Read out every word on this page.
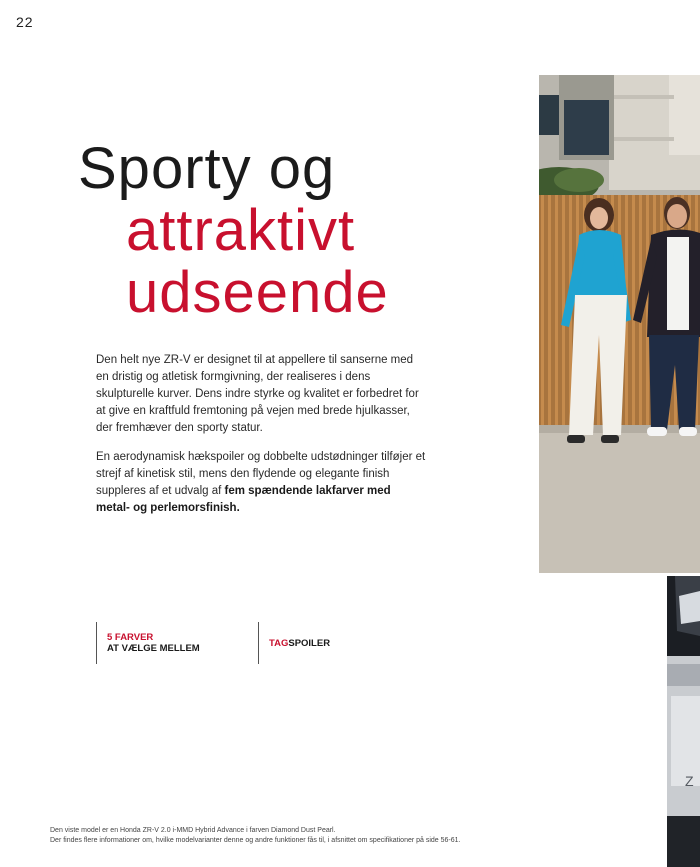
22
Sporty og
attraktivt
udseende

Den helt nye ZR-V er designet til at appellere til sanserne med en dristig og atletisk formgivning, der realiseres i dens skulpturelle kurver. Dens indre styrke og kvalitet er forbedret for at give en kraftfuld fremtoning på vejen med brede hjulkasser, der fremhæver den sporty statur.

En aerodynamisk hækspoiler og dobbelte udstødninger tilføjer et strejf af kinetisk stil, mens den flydende og elegante finish suppleres af et udvalg af fem spændende lakfarver med metal- og perlemorsfinish.

5 FARVER
AT VÆLGE MELLEM	TAGSPOILER
Z
Den viste model er en Honda ZR-V 2.0 i-MMD Hybrid Advance i farven Diamond Dust Pearl.
Der findes flere informationer om, hvilke modelvarianter denne og andre funktioner fås til, i afsnittet om specifikationer på side 56-61.
